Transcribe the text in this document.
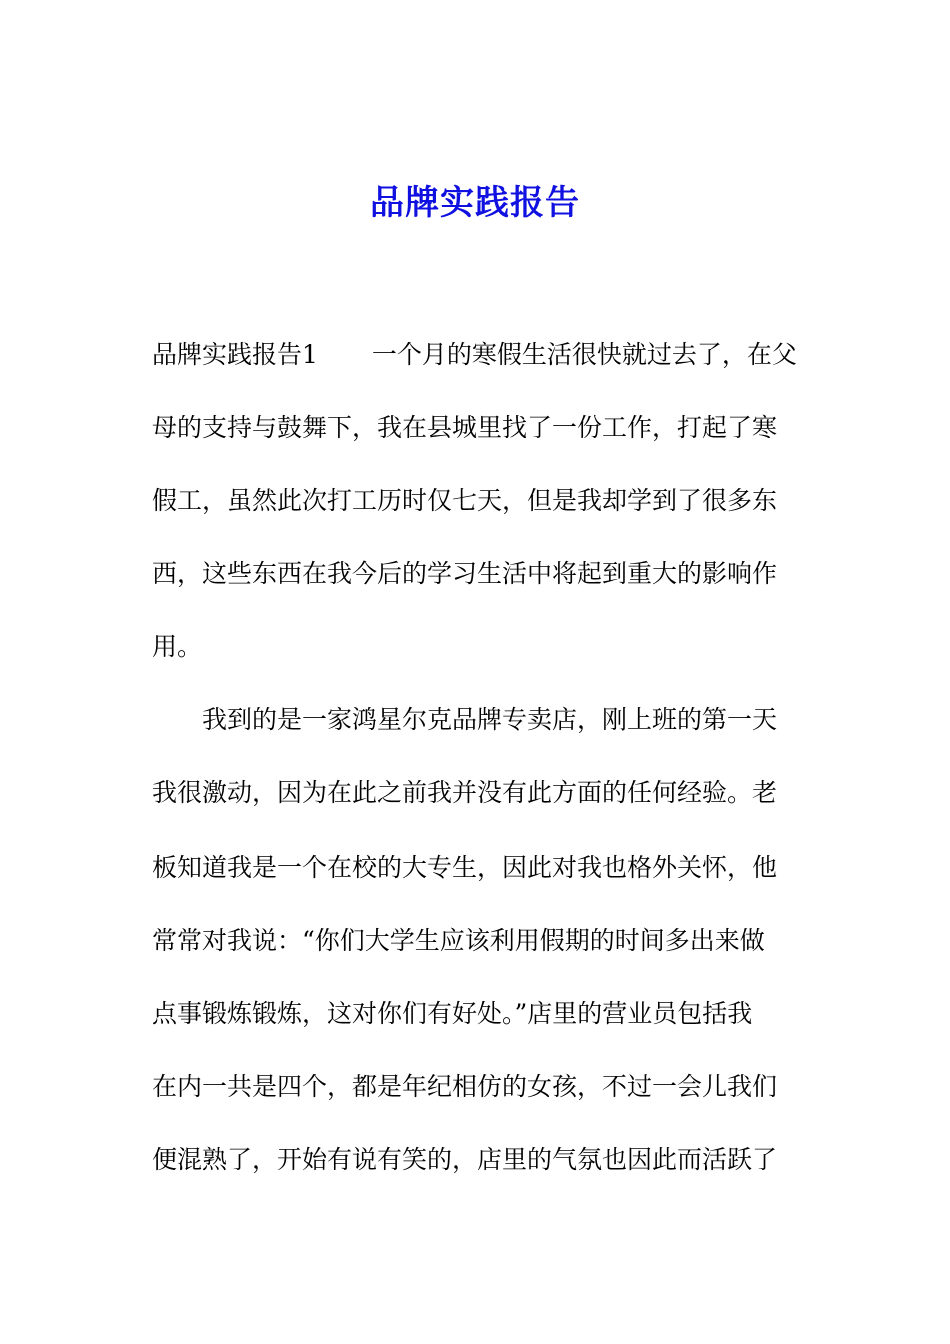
品牌实践报告
品牌实践报告1 一个月的寒假生活很快就过去了，在父
母的支持与鼓舞下，我在县城里找了一份工作，打起了寒
假工，虽然此次打工历时仅七天，但是我却学到了很多东
西，这些东西在我今后的学习生活中将起到重大的影响作
用。
我到的是一家鸿星尔克品牌专卖店，刚上班的第一天
我很激动，因为在此之前我并没有此方面的任何经验。老
板知道我是一个在校的大专生，因此对我也格外关怀，他
常常对我说：“你们大学生应该利用假期的时间多出来做
点事锻炼锻炼，这对你们有好处。”店里的营业员包括我
在内一共是四个，都是年纪相仿的女孩，不过一会儿我们
便混熟了，开始有说有笑的，店里的气氛也因此而活跃了
